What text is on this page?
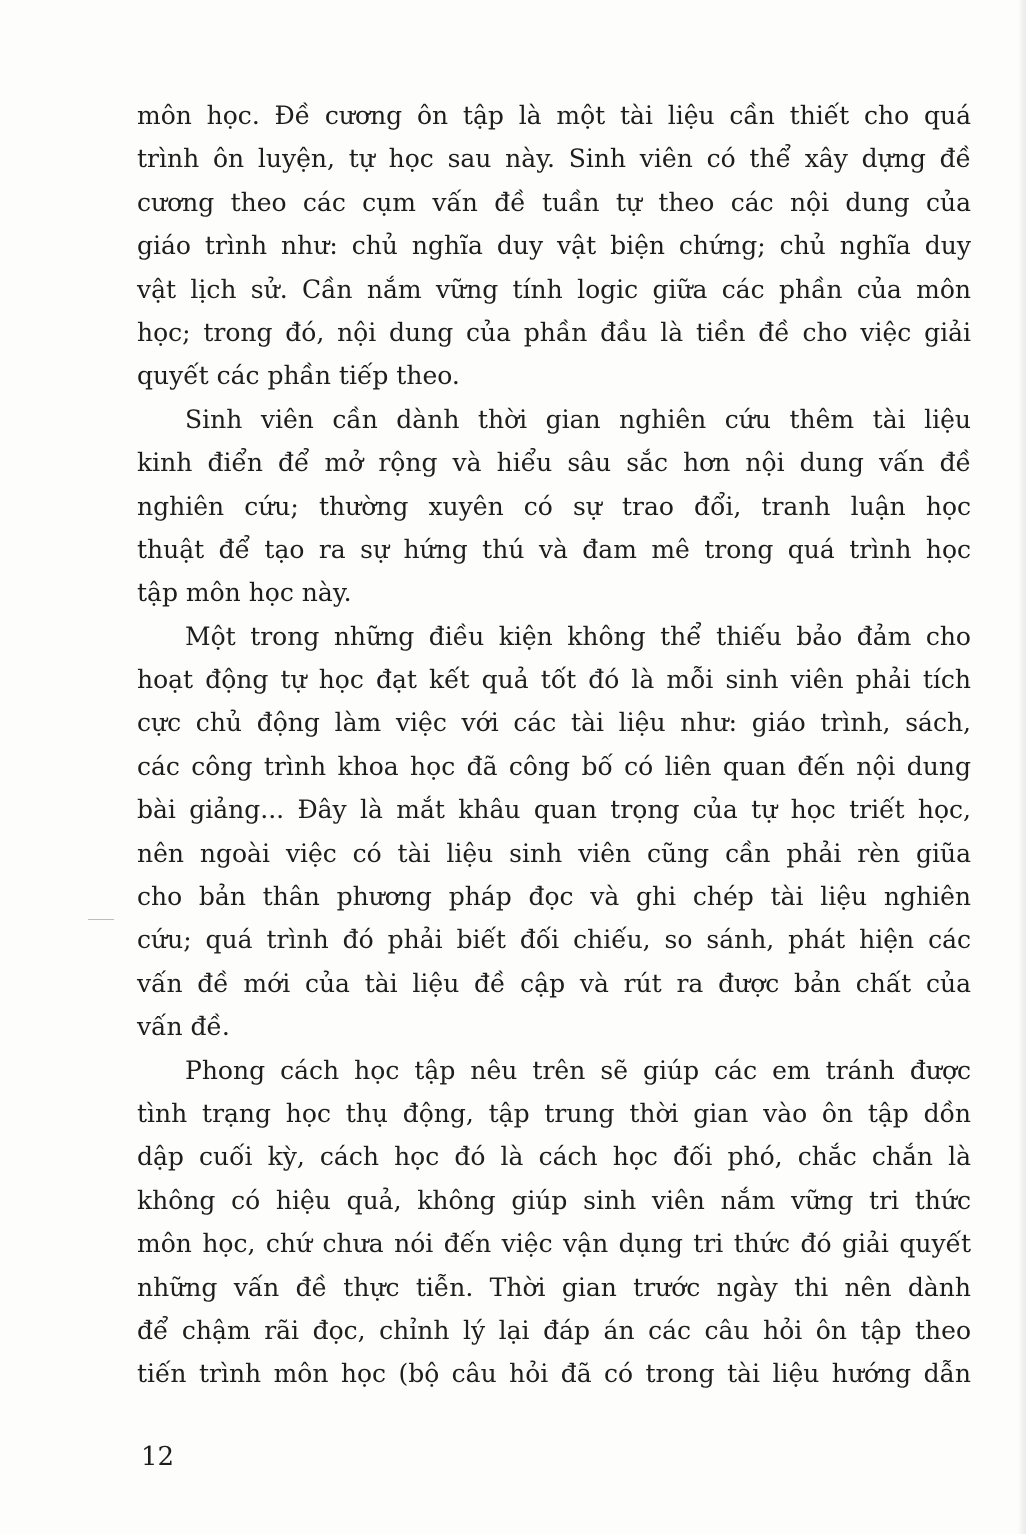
môn học. Đề cương ôn tập là một tài liệu cần thiết cho quá
trình ôn luyện, tự học sau này. Sinh viên có thể xây dựng đề
cương theo các cụm vấn đề tuần tự theo các nội dung của
giáo trình như: chủ nghĩa duy vật biện chứng; chủ nghĩa duy
vật lịch sử. Cần nắm vững tính logic giữa các phần của môn
học; trong đó, nội dung của phần đầu là tiền đề cho việc giải
quyết các phần tiếp theo.
Sinh viên cần dành thời gian nghiên cứu thêm tài liệu
kinh điển để mở rộng và hiểu sâu sắc hơn nội dung vấn đề
nghiên cứu; thường xuyên có sự trao đổi, tranh luận học
thuật để tạo ra sự hứng thú và đam mê trong quá trình học
tập môn học này.
Một trong những điều kiện không thể thiếu bảo đảm cho
hoạt động tự học đạt kết quả tốt đó là mỗi sinh viên phải tích
cực chủ động làm việc với các tài liệu như: giáo trình, sách,
các công trình khoa học đã công bố có liên quan đến nội dung
bài giảng... Đây là mắt khâu quan trọng của tự học triết học,
nên ngoài việc có tài liệu sinh viên cũng cần phải rèn giũa
cho bản thân phương pháp đọc và ghi chép tài liệu nghiên
cứu; quá trình đó phải biết đối chiếu, so sánh, phát hiện các
vấn đề mới của tài liệu đề cập và rút ra được bản chất của
vấn đề.
Phong cách học tập nêu trên sẽ giúp các em tránh được
tình trạng học thụ động, tập trung thời gian vào ôn tập dồn
dập cuối kỳ, cách học đó là cách học đối phó, chắc chắn là
không có hiệu quả, không giúp sinh viên nắm vững tri thức
môn học, chứ chưa nói đến việc vận dụng tri thức đó giải quyết
những vấn đề thực tiễn. Thời gian trước ngày thi nên dành
để chậm rãi đọc, chỉnh lý lại đáp án các câu hỏi ôn tập theo
tiến trình môn học (bộ câu hỏi đã có trong tài liệu hướng dẫn
12
